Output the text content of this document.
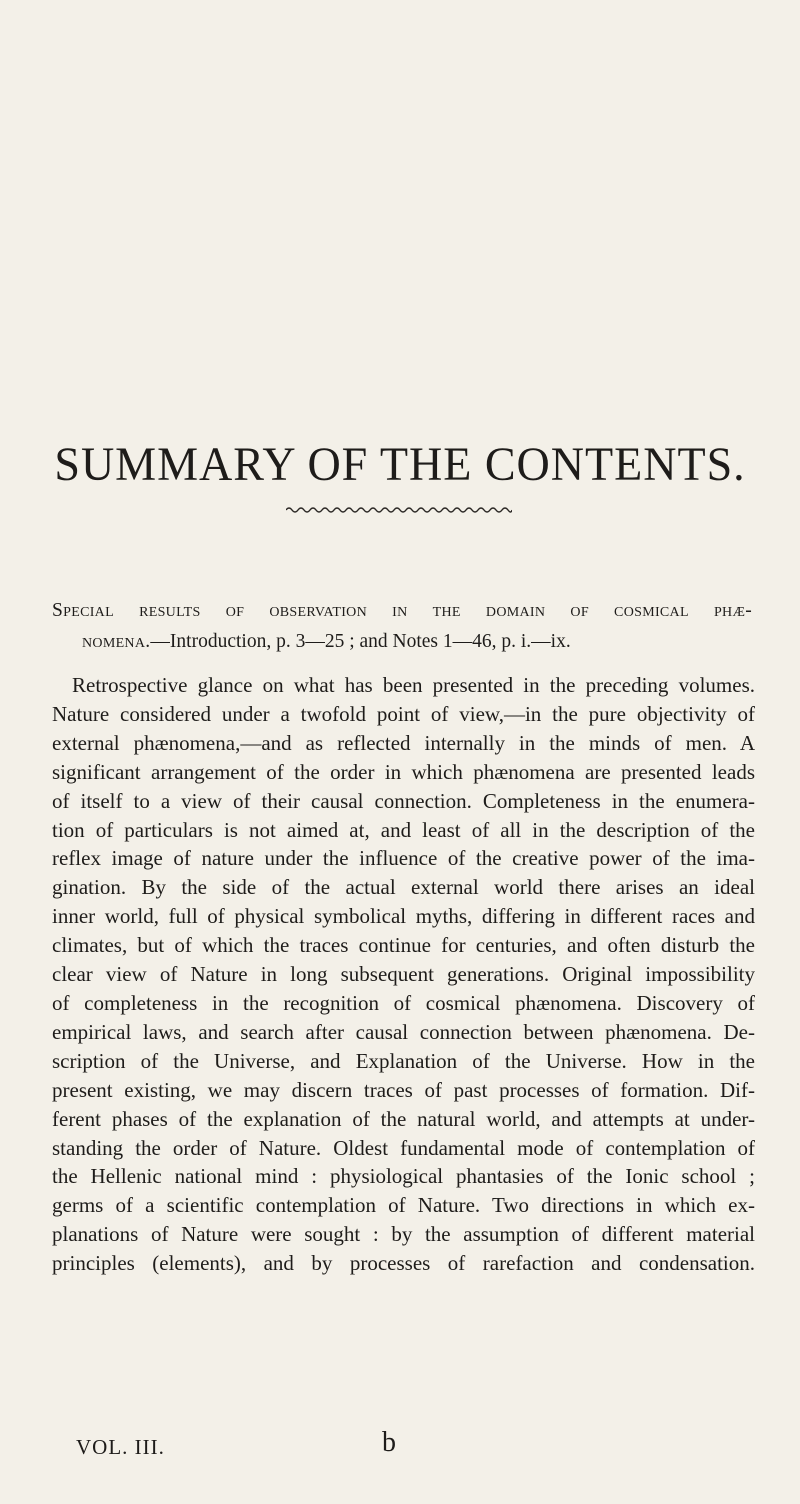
SUMMARY OF THE CONTENTS.

Special results of observation in the domain of cosmical phæ-
nomena.—Introduction, p. 3—25 ; and Notes 1—46, p. i.—ix.

Retrospective glance on what has been presented in the preceding volumes.
Nature considered under a twofold point of view,—in the pure objectivity of
external phænomena,—and as reflected internally in the minds of men. A
significant arrangement of the order in which phænomena are presented leads
of itself to a view of their causal connection. Completeness in the enumera-
tion of particulars is not aimed at, and least of all in the description of the
reflex image of nature under the influence of the creative power of the ima-
gination. By the side of the actual external world there arises an ideal
inner world, full of physical symbolical myths, differing in different races and
climates, but of which the traces continue for centuries, and often disturb the
clear view of Nature in long subsequent generations. Original impossibility
of completeness in the recognition of cosmical phænomena. Discovery of
empirical laws, and search after causal connection between phænomena. De-
scription of the Universe, and Explanation of the Universe. How in the
present existing, we may discern traces of past processes of formation. Dif-
ferent phases of the explanation of the natural world, and attempts at under-
standing the order of Nature. Oldest fundamental mode of contemplation of
the Hellenic national mind : physiological phantasies of the Ionic school ;
germs of a scientific contemplation of Nature. Two directions in which ex-
planations of Nature were sought : by the assumption of different material
principles (elements), and by processes of rarefaction and condensation.
VOL. III.	b
